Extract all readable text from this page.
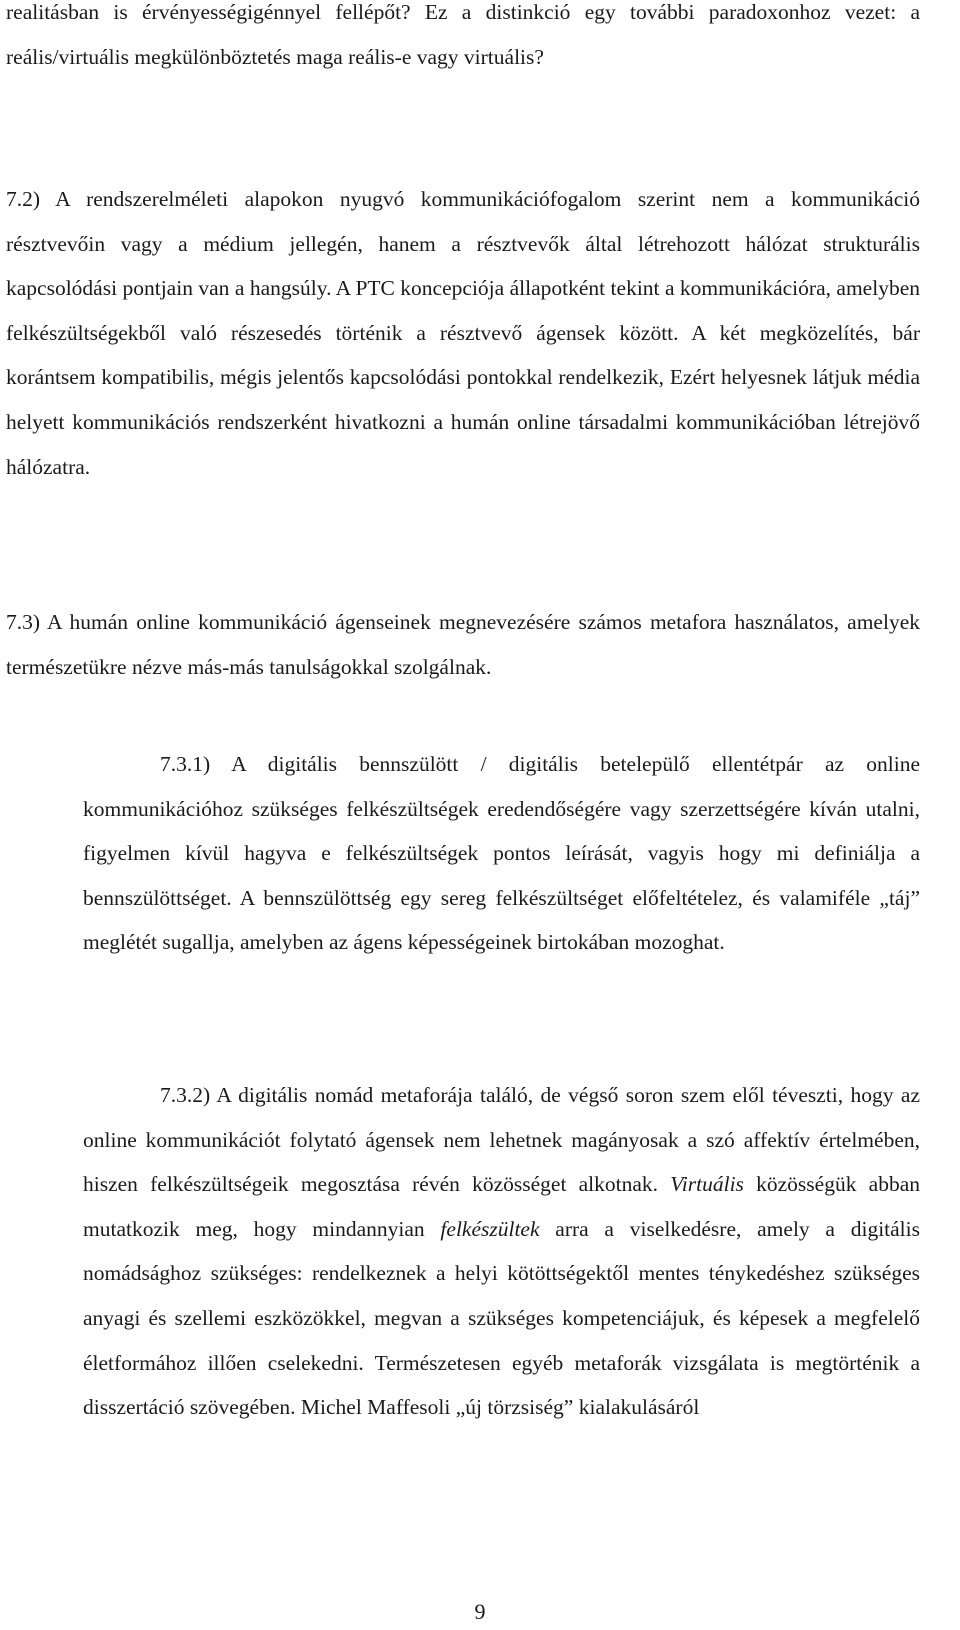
realitásban is érvényességigénnyel fellépőt? Ez a distinkció egy további paradoxonhoz vezet: a reális/virtuális megkülönböztetés maga reális-e vagy virtuális?

7.2) A rendszerelméleti alapokon nyugvó kommunikációfogalom szerint nem a kommunikáció résztvevőin vagy a médium jellegén, hanem a résztvevők által létrehozott hálózat strukturális kapcsolódási pontjain van a hangsúly. A PTC koncepciója állapotként tekint a kommunikációra, amelyben felkészültségekből való részesedés történik a résztvevő ágensek között. A két megközelítés, bár korántsem kompatibilis, mégis jelentős kapcsolódási pontokkal rendelkezik, Ezért helyesnek látjuk média helyett kommunikációs rendszerként hivatkozni a humán online társadalmi kommunikációban létrejövő hálózatra.

7.3) A humán online kommunikáció ágenseinek megnevezésére számos metafora használatos, amelyek természetükre nézve más-más tanulságokkal szolgálnak.

7.3.1) A digitális bennszülött / digitális betelepülő ellentétpár az online kommunikációhoz szükséges felkészültségek eredendőségére vagy szerzettségére kíván utalni, figyelmen kívül hagyva e felkészültségek pontos leírását, vagyis hogy mi definiálja a bennszülöttséget. A bennszülöttség egy sereg felkészültséget előfeltételez, és valamiféle „táj” meglétét sugallja, amelyben az ágens képességeinek birtokában mozoghat.

7.3.2) A digitális nomád metaforája találó, de végső soron szem elől téveszti, hogy az online kommunikációt folytató ágensek nem lehetnek magányosak a szó affektív értelmében, hiszen felkészültségeik megosztása révén közösséget alkotnak. Virtuális közösségük abban mutatkozik meg, hogy mindannyian felkészültek arra a viselkedésre, amely a digitális nomádsághoz szükséges: rendelkeznek a helyi kötöttségektől mentes ténykedéshez szükséges anyagi és szellemi eszközökkel, megvan a szükséges kompetenciájuk, és képesek a megfelelő életformához illően cselekedni. Természetesen egyéb metaforák vizsgálata is megtörténik a disszertáció szövegében. Michel Maffesoli „új törzsiség” kialakulásáról

9
